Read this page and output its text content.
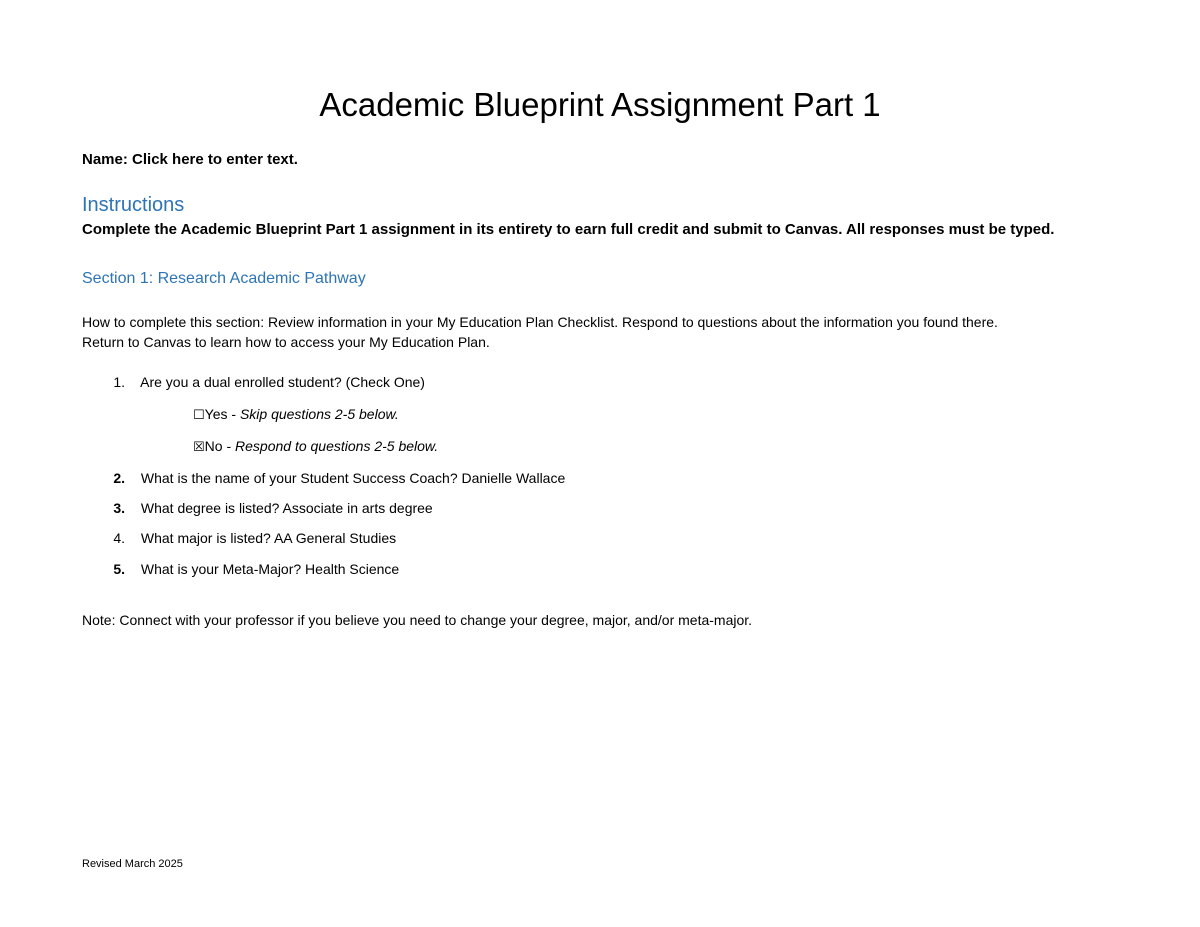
Academic Blueprint Assignment Part 1
Name: Click here to enter text.
Instructions
Complete the Academic Blueprint Part 1 assignment in its entirety to earn full credit and submit to Canvas. All responses must be typed.
Section 1: Research Academic Pathway
How to complete this section: Review information in your My Education Plan Checklist. Respond to questions about the information you found there.
Return to Canvas to learn how to access your My Education Plan.
1. Are you a dual enrolled student? (Check One)
☐Yes - Skip questions 2-5 below.
☒No - Respond to questions 2-5 below.
2. What is the name of your Student Success Coach? Danielle Wallace
3. What degree is listed? Associate in arts degree
4. What major is listed? AA General Studies
5. What is your Meta-Major? Health Science
Note: Connect with your professor if you believe you need to change your degree, major, and/or meta-major.
Revised March 2025
